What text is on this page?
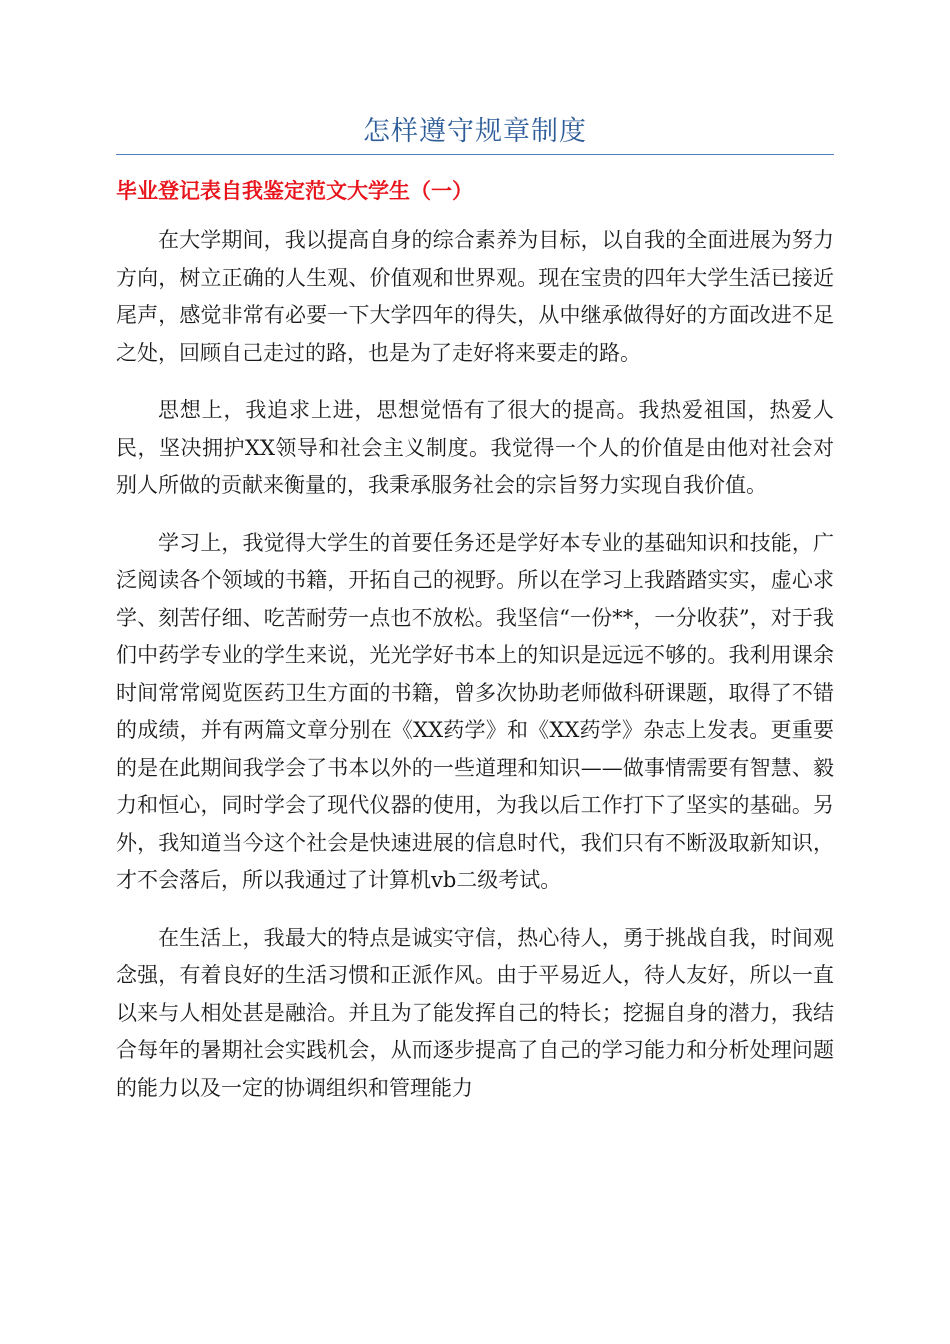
怎样遵守规章制度
毕业登记表自我鉴定范文大学生（一）

在大学期间，我以提高自身的综合素养为目标，以自我的全面进展为努力方向，树立正确的人生观、价值观和世界观。现在宝贵的四年大学生活已接近尾声，感觉非常有必要一下大学四年的得失，从中继承做得好的方面改进不足之处，回顾自己走过的路，也是为了走好将来要走的路。

思想上，我追求上进，思想觉悟有了很大的提高。我热爱祖国，热爱人民，坚决拥护XX领导和社会主义制度。我觉得一个人的价值是由他对社会对别人所做的贡献来衡量的，我秉承服务社会的宗旨努力实现自我价值。

学习上，我觉得大学生的首要任务还是学好本专业的基础知识和技能，广泛阅读各个领域的书籍，开拓自己的视野。所以在学习上我踏踏实实，虚心求学、刻苦仔细、吃苦耐劳一点也不放松。我坚信“一份**，一分收获”，对于我们中药学专业的学生来说，光光学好书本上的知识是远远不够的。我利用课余时间常常阅览医药卫生方面的书籍，曾多次协助老师做科研课题，取得了不错的成绩，并有两篇文章分别在《XX药学》和《XX药学》杂志上发表。更重要的是在此期间我学会了书本以外的一些道理和知识——做事情需要有智慧、毅力和恒心，同时学会了现代仪器的使用，为我以后工作打下了坚实的基础。另外，我知道当今这个社会是快速进展的信息时代，我们只有不断汲取新知识，才不会落后，所以我通过了计算机vb二级考试。

在生活上，我最大的特点是诚实守信，热心待人，勇于挑战自我，时间观念强，有着良好的生活习惯和正派作风。由于平易近人，待人友好，所以一直以来与人相处甚是融洽。并且为了能发挥自己的特长；挖掘自身的潜力，我结合每年的暑期社会实践机会，从而逐步提高了自己的学习能力和分析处理问题的能力以及一定的协调组织和管理能力
